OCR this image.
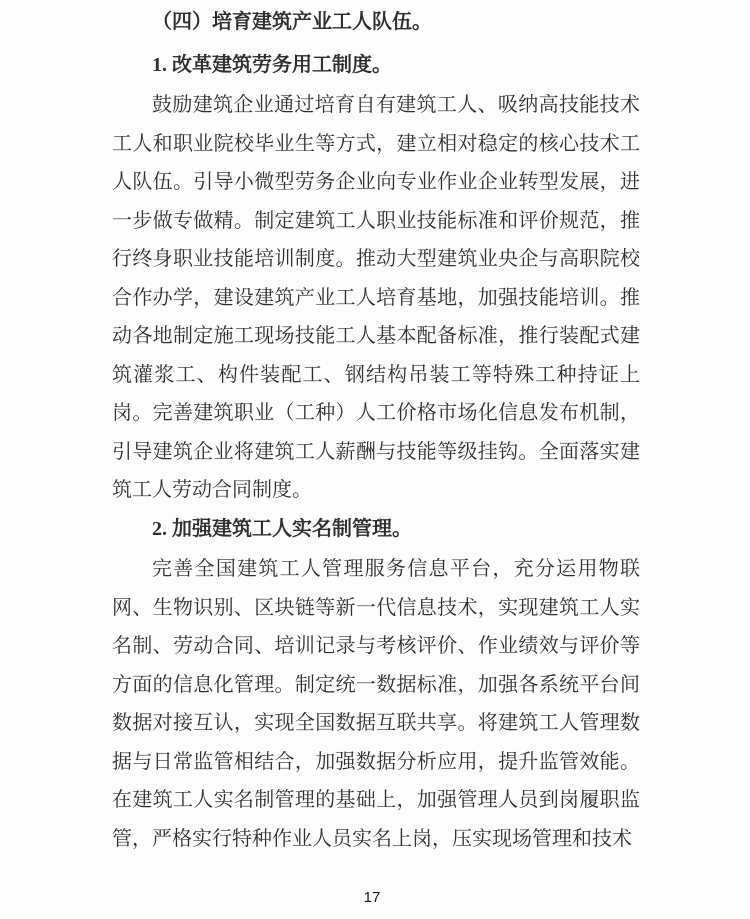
（四）培育建筑产业工人队伍。
1. 改革建筑劳务用工制度。

鼓励建筑企业通过培育自有建筑工人、吸纳高技能技术工人和职业院校毕业生等方式，建立相对稳定的核心技术工人队伍。引导小微型劳务企业向专业作业企业转型发展，进一步做专做精。制定建筑工人职业技能标准和评价规范，推行终身职业技能培训制度。推动大型建筑业央企与高职院校合作办学，建设建筑产业工人培育基地，加强技能培训。推动各地制定施工现场技能工人基本配备标准，推行装配式建筑灌浆工、构件装配工、钢结构吊装工等特殊工种持证上岗。完善建筑职业（工种）人工价格市场化信息发布机制，引导建筑企业将建筑工人薪酬与技能等级挂钩。全面落实建筑工人劳动合同制度。

2. 加强建筑工人实名制管理。

完善全国建筑工人管理服务信息平台，充分运用物联网、生物识别、区块链等新一代信息技术，实现建筑工人实名制、劳动合同、培训记录与考核评价、作业绩效与评价等方面的信息化管理。制定统一数据标准，加强各系统平台间数据对接互认，实现全国数据互联共享。将建筑工人管理数据与日常监管相结合，加强数据分析应用，提升监管效能。在建筑工人实名制管理的基础上，加强管理人员到岗履职监管，严格实行特种作业人员实名上岗，压实现场管理和技术

17
